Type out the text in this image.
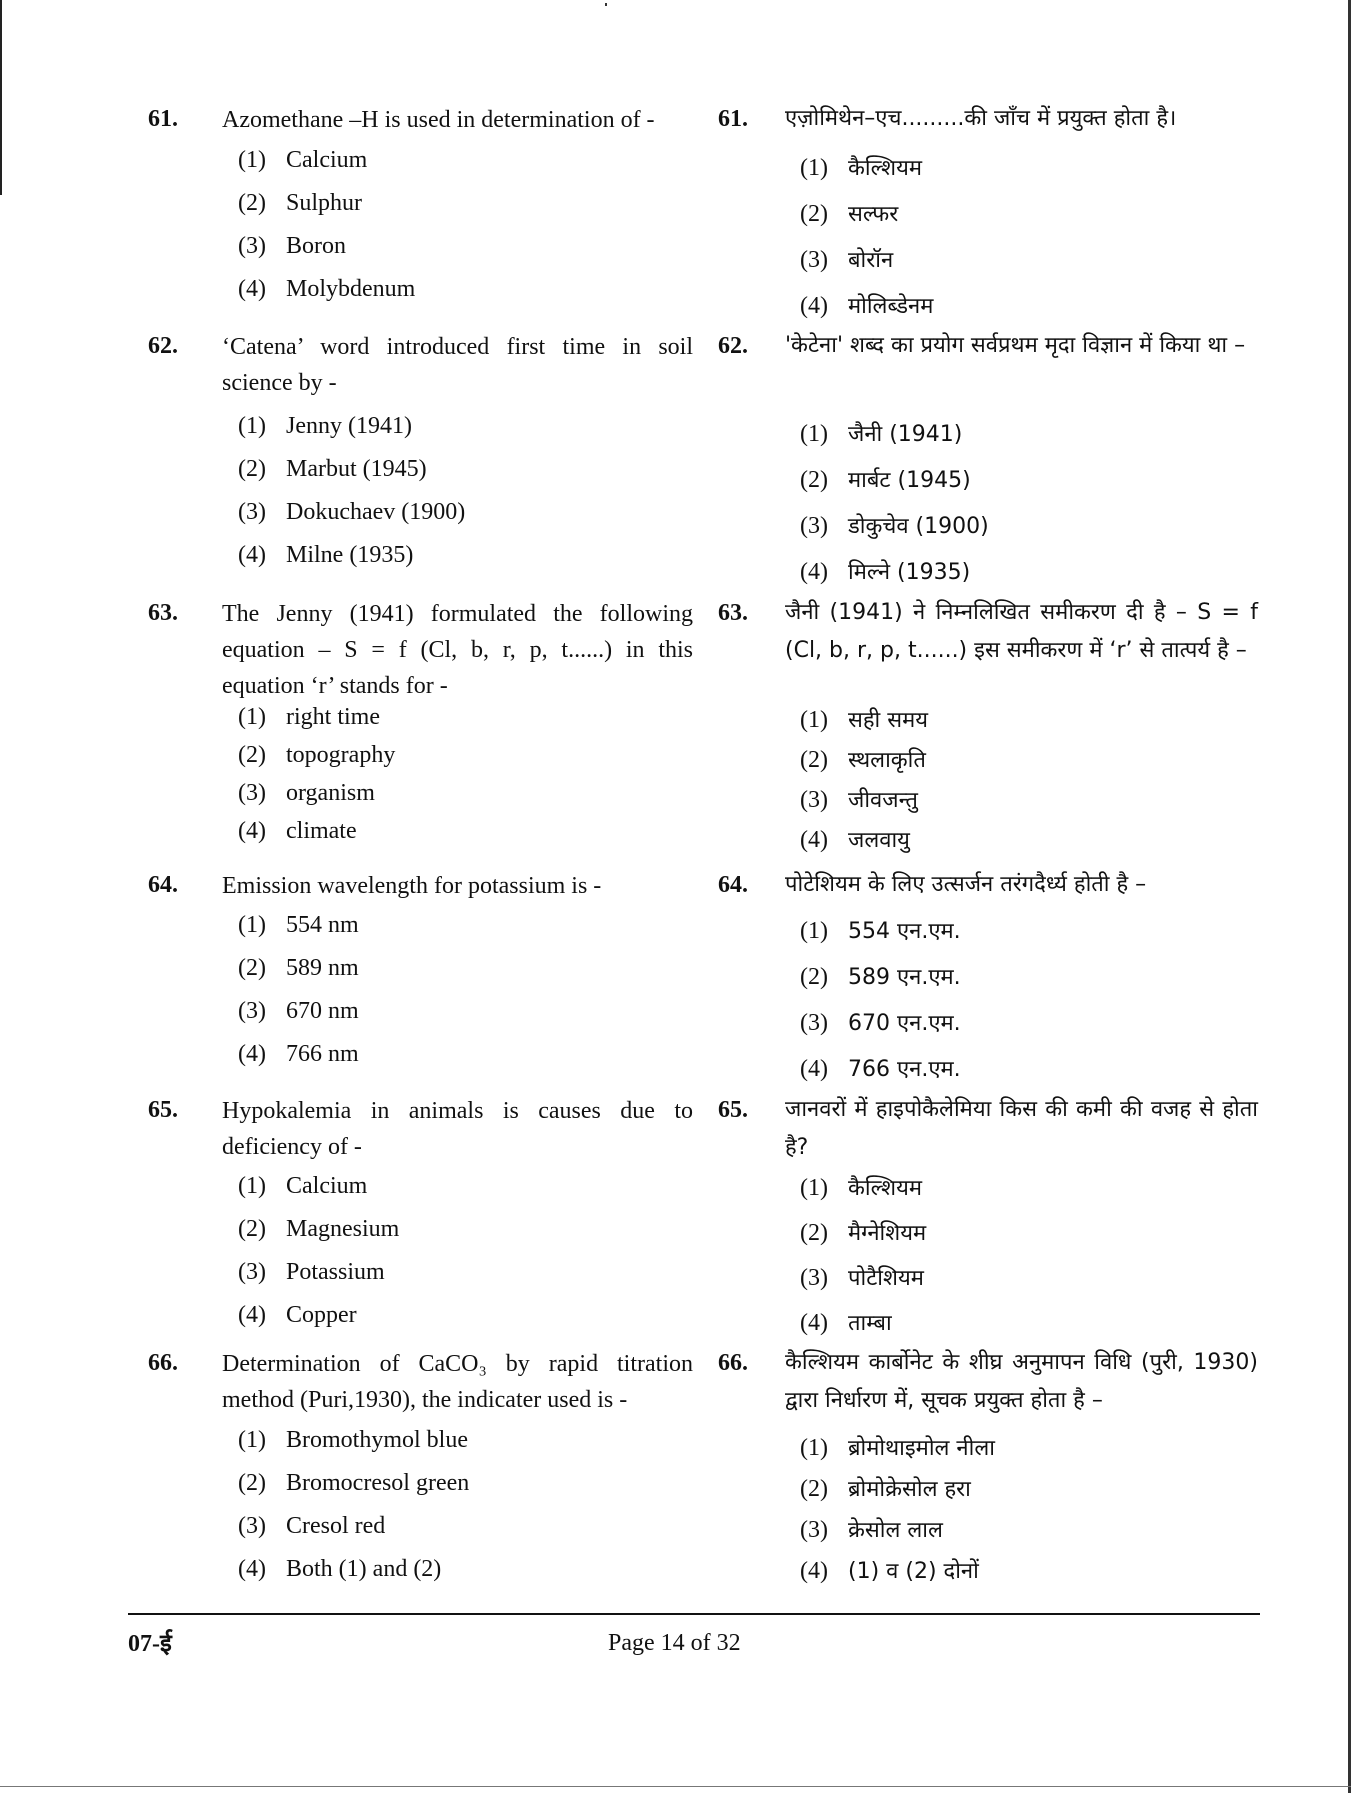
61. Azomethane –H is used in determination of -
(1) Calcium
(2) Sulphur
(3) Boron
(4) Molybdenum
62. ‘Catena’ word introduced first time in soil science by -
(1) Jenny (1941)
(2) Marbut (1945)
(3) Dokuchaev (1900)
(4) Milne (1935)
63. The Jenny (1941) formulated the following equation – S = f (Cl, b, r, p, t......) in this equation ‘r’ stands for -
(1) right time
(2) topography
(3) organism
(4) climate
64. Emission wavelength for potassium is -
(1) 554 nm
(2) 589 nm
(3) 670 nm
(4) 766 nm
65. Hypokalemia in animals is causes due to deficiency of -
(1) Calcium
(2) Magnesium
(3) Potassium
(4) Copper
66. Determination of CaCO₃ by rapid titration method (Puri,1930), the indicater used is -
(1) Bromothymol blue
(2) Bromocresol green
(3) Cresol red
(4) Both (1) and (2)
61. एज़ोमिथेन–एच.........की जाँच में प्रयुक्त होता है।
(1) कैल्शियम
(2) सल्फर
(3) बोरॉन
(4) मोलिब्डेनम
62. 'केटेना' शब्द का प्रयोग सर्वप्रथम मृदा विज्ञान में किया था –
(1) जैनी (1941)
(2) मार्बट (1945)
(3) डोकुचेव (1900)
(4) मिल्ने (1935)
63. जैनी (1941) ने निम्नलिखित समीकरण दी है – S = f (Cl, b, r, p, t......) इस समीकरण में ‘r’ से तात्पर्य है –
(1) सही समय
(2) स्थलाकृति
(3) जीवजन्तु
(4) जलवायु
64. पोटेशियम के लिए उत्सर्जन तरंगदैर्ध्य होती है –
(1) 554 एन.एम.
(2) 589 एन.एम.
(3) 670 एन.एम.
(4) 766 एन.एम.
65. जानवरों में हाइपोकैलेमिया किस की कमी की वजह से होता है?
(1) कैल्शियम
(2) मैग्नेशियम
(3) पोटैशियम
(4) ताम्बा
66. कैल्शियम कार्बोनेट के शीघ्र अनुमापन विधि (पुरी, 1930) द्वारा निर्धारण में, सूचक प्रयुक्त होता है –
(1) ब्रोमोथाइमोल नीला
(2) ब्रोमोक्रेसोल हरा
(3) क्रेसोल लाल
(4) (1) व (2) दोनों
07-ई	Page 14 of 32
